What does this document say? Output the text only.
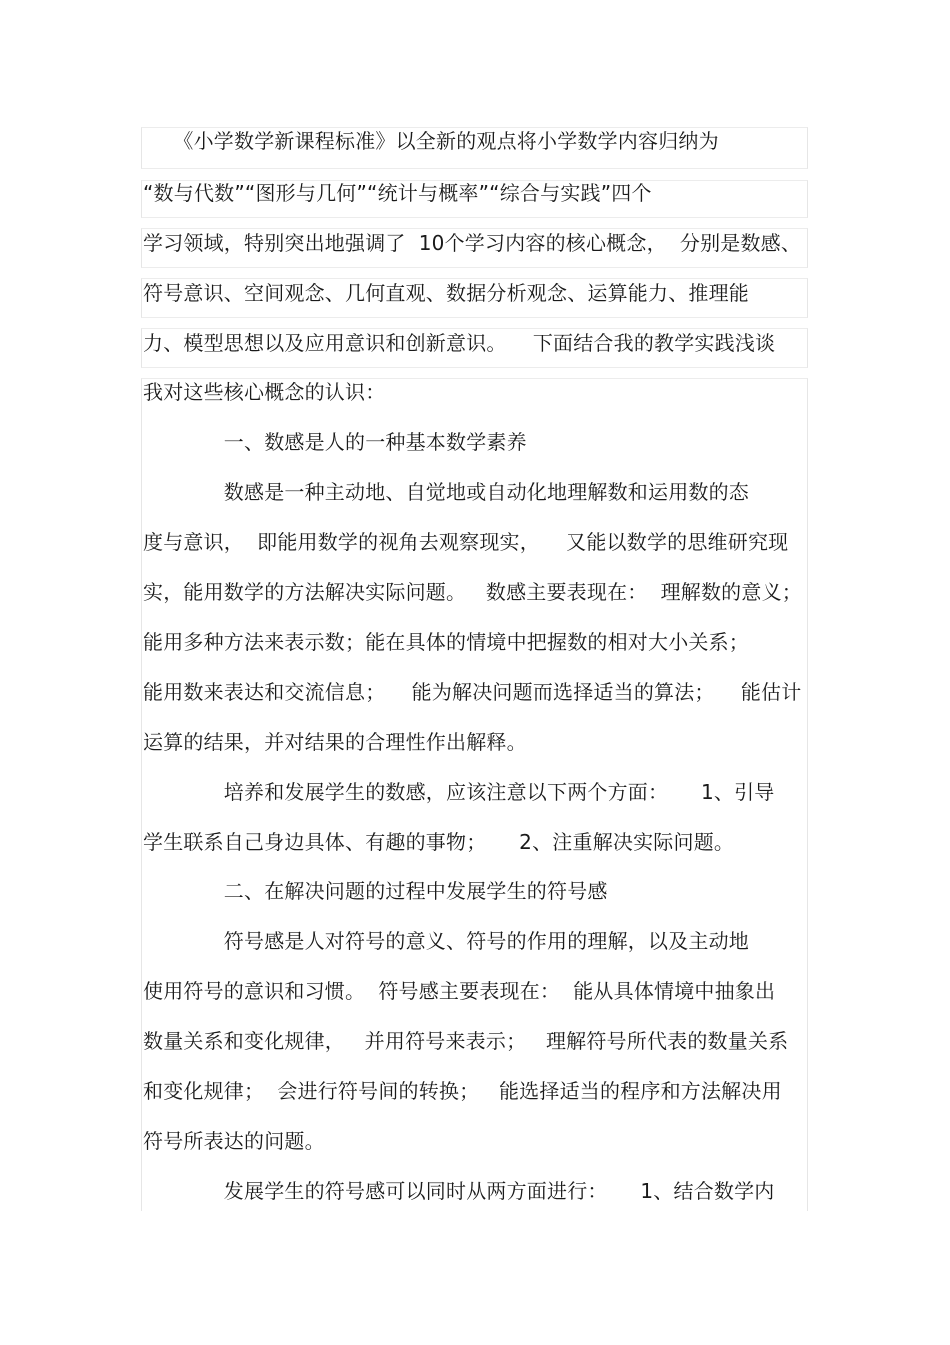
　　《小学数学新课程标准》以全新的观点将小学数学内容归纳为
“数与代数”“图形与几何”“统计与概率”“综合与实践”四个
学习领域，特别突出地强调了  10个学习内容的核心概念，  分别是数感、
符号意识、空间观念、几何直观、数据分析观念、运算能力、推理能
力、模型思想以及应用意识和创新意识。    下面结合我的教学实践浅谈
我对这些核心概念的认识：
　　　　一、数感是人的一种基本数学素养
　　　　数感是一种主动地、自觉地或自动化地理解数和运用数的态
度与意识，  即能用数学的视角去观察现实，    又能以数学的思维研究现
实，能用数学的方法解决实际问题。   数感主要表现在：  理解数的意义；
能用多种方法来表示数；能在具体的情境中把握数的相对大小关系；
能用数来表达和交流信息；    能为解决问题而选择适当的算法；    能估计
运算的结果，并对结果的合理性作出解释。
　　　　培养和发展学生的数感，应该注意以下两个方面：     1、引导
学生联系自己身边具体、有趣的事物；     2、注重解决实际问题。
　　　　二、在解决问题的过程中发展学生的符号感
　　　　符号感是人对符号的意义、符号的作用的理解，以及主动地
使用符号的意识和习惯。  符号感主要表现在：  能从具体情境中抽象出
数量关系和变化规律，   并用符号来表示；   理解符号所代表的数量关系
和变化规律；  会进行符号间的转换；   能选择适当的程序和方法解决用
符号所表达的问题。
　　　　发展学生的符号感可以同时从两方面进行：     1、结合数学内
